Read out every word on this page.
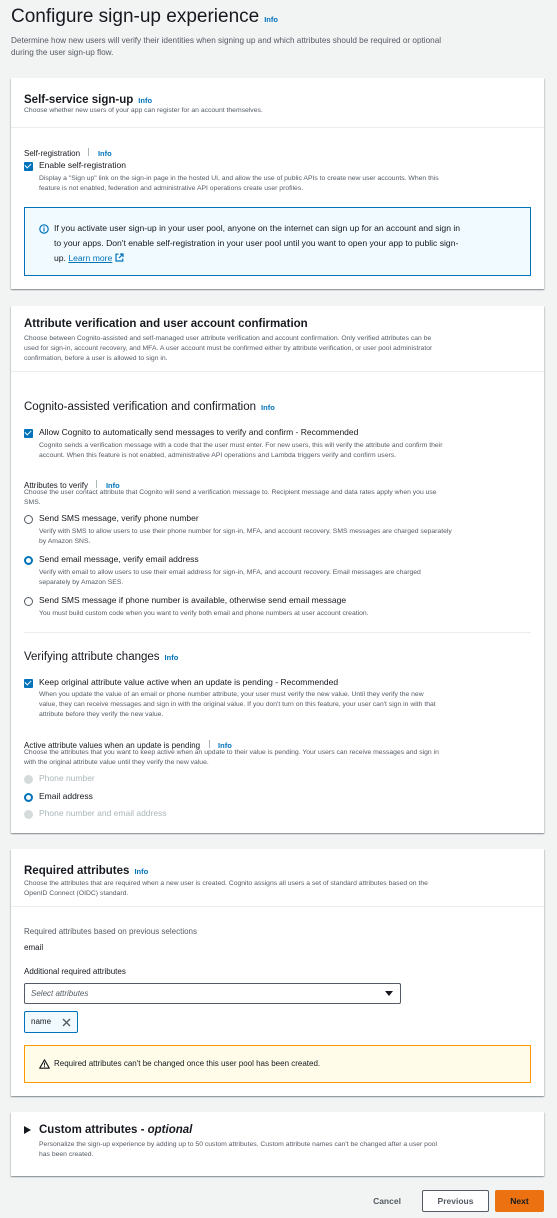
Configure sign-up experience Info
Determine how new users will verify their identities when signing up and which attributes should be required or optional
during the user sign-up flow.
Self-service sign-up Info
Choose whether new users of your app can register for an account themselves.
Self-registration Info
Enable self-registration
Display a "Sign up" link on the sign-in page in the hosted UI, and allow the use of public APIs to create new user accounts. When this
feature is not enabled, federation and administrative API operations create user profiles.
If you activate user sign-up in your user pool, anyone on the internet can sign up for an account and sign in
to your apps. Don't enable self-registration in your user pool until you want to open your app to public sign-
up. Learn more
Attribute verification and user account confirmation
Choose between Cognito-assisted and self-managed user attribute verification and account confirmation. Only verified attributes can be
used for sign-in, account recovery, and MFA. A user account must be confirmed either by attribute verification, or user pool administrator
confirmation, before a user is allowed to sign in.
Cognito-assisted verification and confirmation Info
Allow Cognito to automatically send messages to verify and confirm - Recommended
Cognito sends a verification message with a code that the user must enter. For new users, this will verify the attribute and confirm their
account. When this feature is not enabled, administrative API operations and Lambda triggers verify and confirm users.
Attributes to verify Info
Choose the user contact attribute that Cognito will send a verification message to. Recipient message and data rates apply when you use
SMS.
Send SMS message, verify phone number
Verify with SMS to allow users to use their phone number for sign-in, MFA, and account recovery. SMS messages are charged separately
by Amazon SNS.
Send email message, verify email address
Verify with email to allow users to use their email address for sign-in, MFA, and account recovery. Email messages are charged
separately by Amazon SES.
Send SMS message if phone number is available, otherwise send email message
You must build custom code when you want to verify both email and phone numbers at user account creation.
Verifying attribute changes Info
Keep original attribute value active when an update is pending - Recommended
When you update the value of an email or phone number attribute, your user must verify the new value. Until they verify the new
value, they can receive messages and sign in with the original value. If you don't turn on this feature, your user can't sign in with that
attribute before they verify the new value.
Active attribute values when an update is pending Info
Choose the attributes that you want to keep active when an update to their value is pending. Your users can receive messages and sign in
with the original attribute value until they verify the new value.
Phone number
Email address
Phone number and email address
Required attributes Info
Choose the attributes that are required when a new user is created. Cognito assigns all users a set of standard attributes based on the
OpenID Connect (OIDC) standard.
Required attributes based on previous selections
email
Additional required attributes
Select attributes
name
Required attributes can't be changed once this user pool has been created.
Custom attributes - optional
Personalize the sign-up experience by adding up to 50 custom attributes. Custom attribute names can't be changed after a user pool
has been created.
Cancel	Previous	Next
